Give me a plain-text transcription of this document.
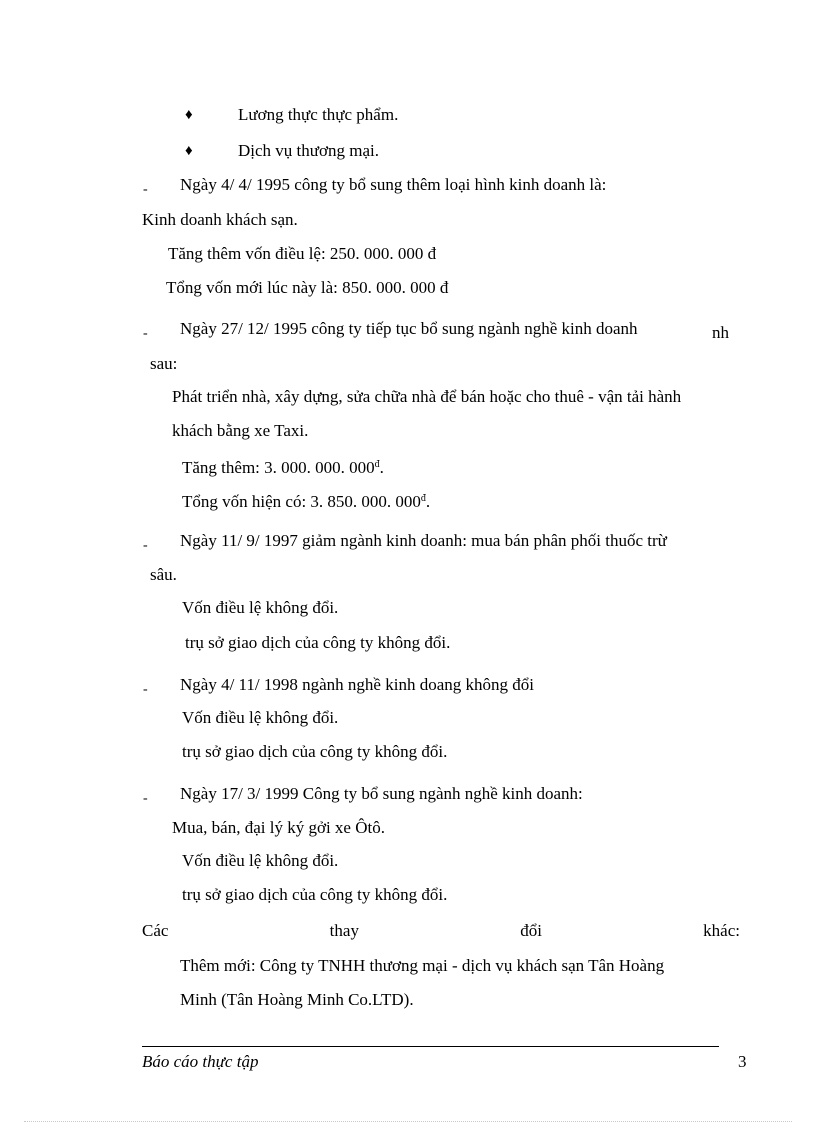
♦	Lương thực thực phẩm.
♦	Dịch vụ thương mại.
- Ngày 4/ 4/ 1995 công ty bổ sung thêm loại hình kinh doanh là:
Kinh doanh khách sạn.
Tăng thêm vốn điều lệ: 250. 000. 000 đ
Tổng vốn mới lúc này là: 850. 000. 000 đ
- Ngày 27/ 12/ 1995 công ty tiếp tục bổ sung ngành nghề kinh doanh	nh
sau:
Phát triển nhà, xây dựng, sửa chữa nhà để bán hoặc cho thuê - vận tải hành
khách bằng xe Taxi.
Tăng thêm: 3. 000. 000. $000^đ$.
Tổng vốn hiện có: 3. 850. 000. $000^đ$.
- Ngày 11/ 9/ 1997 giảm ngành kinh doanh: mua bán phân phối thuốc trừ
sâu.
Vốn điều lệ không đổi.
trụ sở giao dịch của công ty không đổi.
- Ngày 4/ 11/ 1998 ngành nghề kinh doang không đổi
Vốn điều lệ không đổi.
trụ sở giao dịch của công ty không đổi.
- Ngày 17/ 3/ 1999 Công ty bổ sung ngành nghề kinh doanh:
Mua, bán, đại lý ký gởi xe Ôtô.
Vốn điều lệ không đổi.
trụ sở giao dịch của công ty không đổi.
Các	thay	đổi	khác:
Thêm mới: Công ty TNHH thương mại - dịch vụ khách sạn Tân Hoàng
Minh (Tân Hoàng Minh Co.LTD).
Báo cáo thực tập	3
